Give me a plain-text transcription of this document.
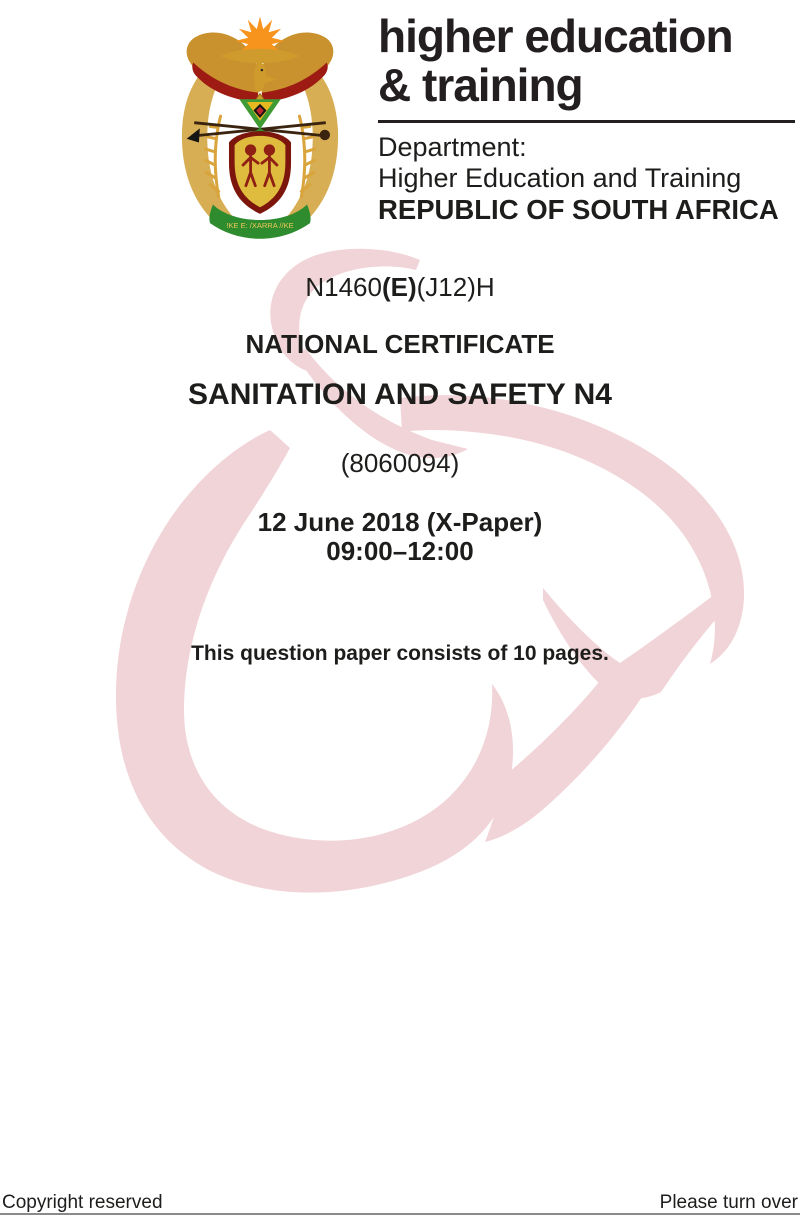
!KE E: /XARRA //KE
higher education
& training
Department:
Higher Education and Training
REPUBLIC OF SOUTH AFRICA
N1460(E)(J12)H
NATIONAL CERTIFICATE
SANITATION AND SAFETY N4
(8060094)
12 June 2018 (X-Paper)
09:00–12:00
This question paper consists of 10 pages.
Copyright reserved	Please turn over
